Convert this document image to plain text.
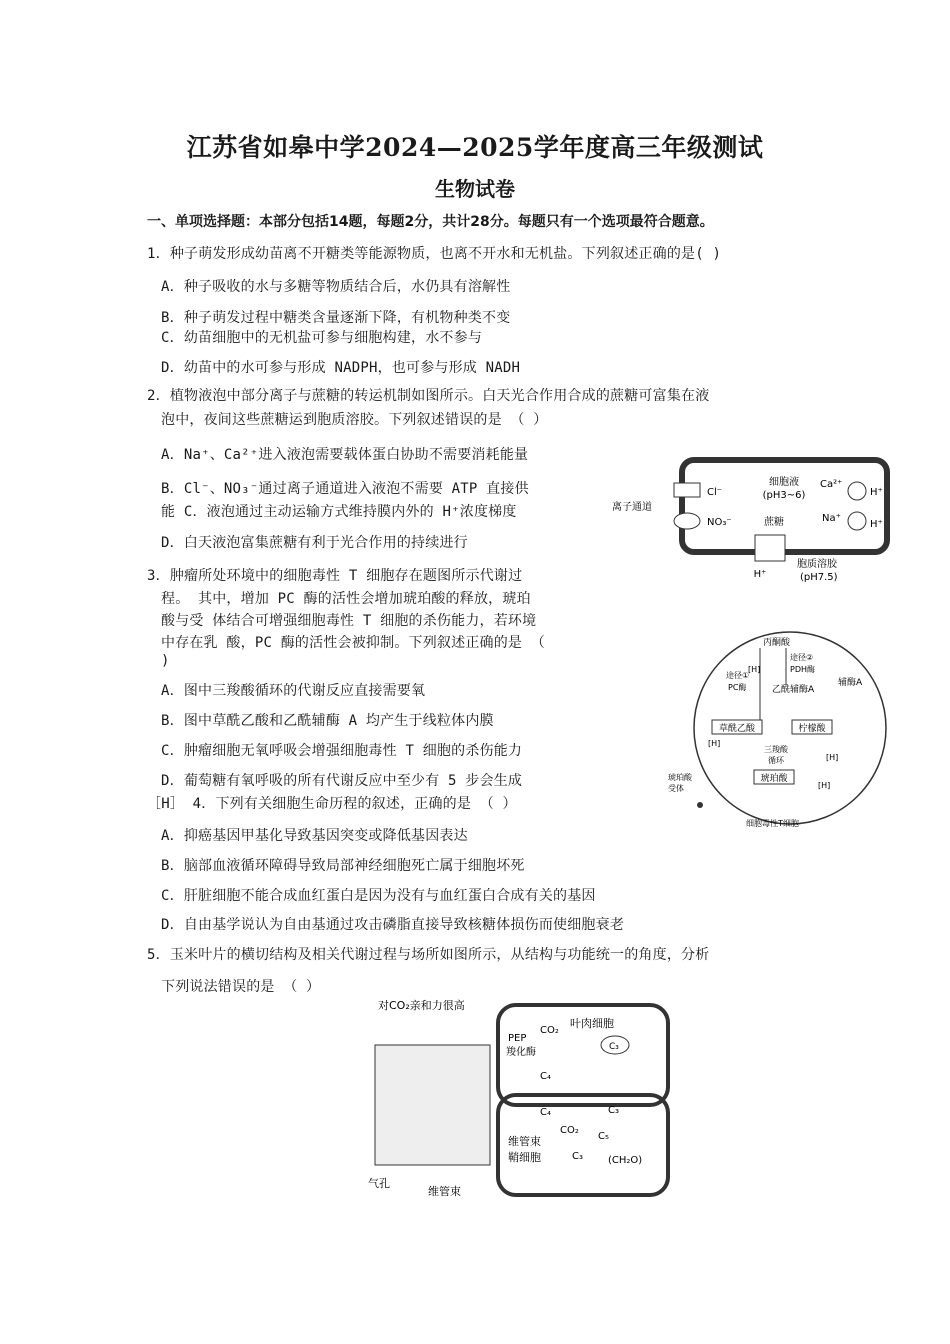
江苏省如皋中学2024—2025学年度高三年级测试
生物试卷
一、单项选择题：本部分包括14题，每题2分，共计28分。每题只有一个选项最符合题意。
1．种子萌发形成幼苗离不开糖类等能源物质，也离不开水和无机盐。下列叙述正确的是( )
A．种子吸收的水与多糖等物质结合后，水仍具有溶解性
B．种子萌发过程中糖类含量逐渐下降，有机物种类不变
C．幼苗细胞中的无机盐可参与细胞构建，水不参与
D．幼苗中的水可参与形成 NADPH，也可参与形成 NADH
2．植物液泡中部分离子与蔗糖的转运机制如图所示。白天光合作用合成的蔗糖可富集在液
泡中，夜间这些蔗糖运到胞质溶胶。下列叙述错误的是 （ ）
A．Na⁺、Ca²⁺进入液泡需要载体蛋白协助不需要消耗能量
B．Cl⁻、NO₃⁻通过离子通道进入液泡不需要 ATP 直接供
能 C．液泡通过主动运输方式维持膜内外的 H⁺浓度梯度
D．白天液泡富集蔗糖有利于光合作用的持续进行
细胞液
(pH3~6)
离子通道
Cl⁻
NO₃⁻	蔗糖
H⁺
胞质溶胶
(pH7.5)
Ca²⁺
H⁺
Na⁺
H⁺
3．肿瘤所处环境中的细胞毒性 T 细胞存在题图所示代谢过
程。 其中，增加 PC 酶的活性会增加琥珀酸的释放，琥珀
酸与受 体结合可增强细胞毒性 T 细胞的杀伤能力，若环境
中存在乳 酸，PC 酶的活性会被抑制。下列叙述正确的是 （
)
A．图中三羧酸循环的代谢反应直接需要氧
B．图中草酰乙酸和乙酰辅酶 A 均产生于线粒体内膜
C．肿瘤细胞无氧呼吸会增强细胞毒性 T 细胞的杀伤能力
D．葡萄糖有氧呼吸的所有代谢反应中至少有 5 步会生成
丙酮酸
途径②
[H]	PDH酶
途径①
PC酶	乙酰辅酶A
辅酶A
草酰乙酸	柠檬酸
三羧酸
循环
琥珀酸
[H]
[H]
[H]
琥珀酸
受体
细胞毒性T细胞
［H］ 4．下列有关细胞生命历程的叙述，正确的是 （ ）
A．抑癌基因甲基化导致基因突变或降低基因表达
B．脑部血液循环障碍导致局部神经细胞死亡属于细胞坏死
C．肝脏细胞不能合成血红蛋白是因为没有与血红蛋白合成有关的基因
D．自由基学说认为自由基通过攻击磷脂直接导致核糖体损伤而使细胞衰老
5．玉米叶片的横切结构及相关代谢过程与场所如图所示，从结构与功能统一的角度，分析
下列说法错误的是 （ ）
对CO₂亲和力很高
CO₂
PEP
羧化酶
叶肉细胞
C₃
C₄
C₄
CO₂
C₃
C₅
C₃	(CH₂O)
维管束
鞘细胞
气孔
维管束
